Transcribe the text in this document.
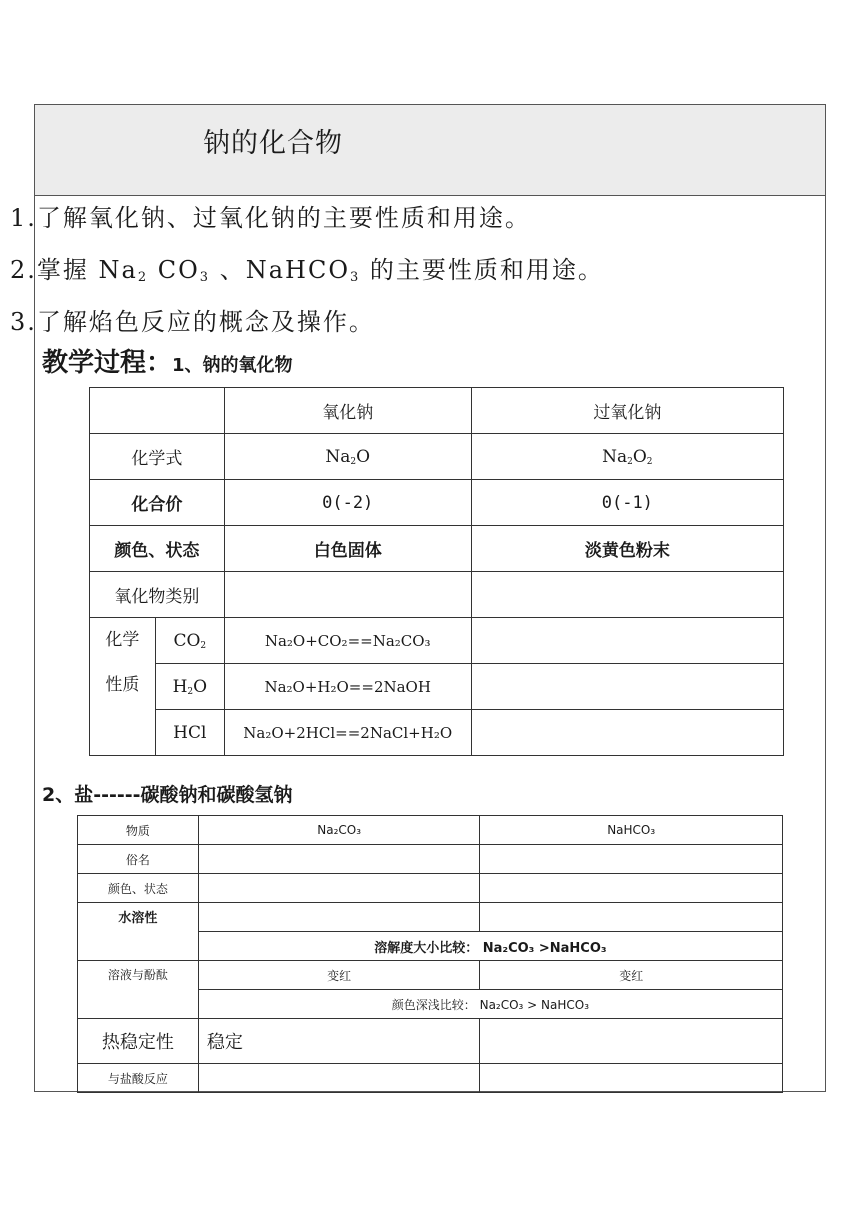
钠的化合物
1.了解氧化钠、过氧化钠的主要性质和用途。
2.掌握 $Na_2$ $CO_3$ 、NaHCO$_3$ 的主要性质和用途。
3.了解焰色反应的概念及操作。
教学过程：1、钠的氧化物
		氧化钠	过氧化钠
化学式		$Na_2O$	$Na_2O_2$
化合价		0(-2)	0(-1)
颜色、状态		白色固体	淡黄色粉末
氧化物类别			

化学
性质	$CO_2$	Na₂O+CO₂==Na₂CO₃	
	$H_2O$	Na₂O+H₂O==2NaOH	
	HCl	Na₂O+2HCl==2NaCl+H₂O	
2、盐------碳酸钠和碳酸氢钠
物质	Na₂CO₃	NaHCO₃
俗名		
颜色、状态		
水溶性		
	溶解度大小比较： Na₂CO₃ >NaHCO₃	
溶液与酚酞	变红	变红
	颜色深浅比较： Na₂CO₃ > NaHCO₃	
热稳定性	稳定	
与盐酸反应		
